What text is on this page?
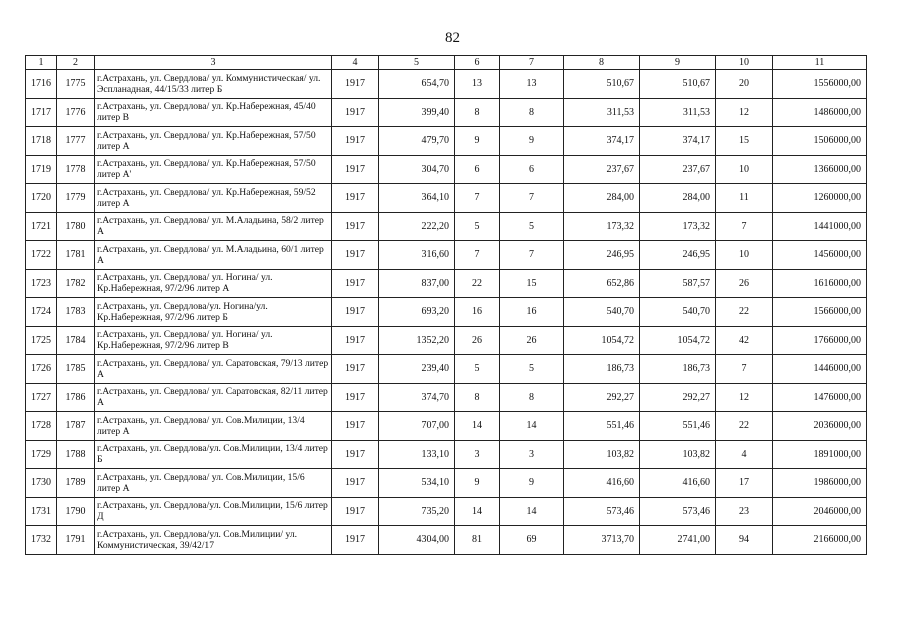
82
1	2	3	4	5	6	7	8	9	10	11
1716	1775	г.Астрахань, ул. Свердлова/ ул. Коммунистическая/ ул. Эспланадная, 44/15/33 литер Б	1917	654,70	13	13	510,67	510,67	20	1556000,00
1717	1776	г.Астрахань, ул. Свердлова/ ул. Кр.Набережная, 45/40 литер В	1917	399,40	8	8	311,53	311,53	12	1486000,00
1718	1777	г.Астрахань, ул. Свердлова/ ул. Кр.Набережная, 57/50 литер А	1917	479,70	9	9	374,17	374,17	15	1506000,00
1719	1778	г.Астрахань, ул. Свердлова/ ул. Кр.Набережная, 57/50 литер А'	1917	304,70	6	6	237,67	237,67	10	1366000,00
1720	1779	г.Астрахань, ул. Свердлова/ ул. Кр.Набережная, 59/52 литер А	1917	364,10	7	7	284,00	284,00	11	1260000,00
1721	1780	г.Астрахань, ул. Свердлова/ ул. М.Аладьина, 58/2 литер А	1917	222,20	5	5	173,32	173,32	7	1441000,00
1722	1781	г.Астрахань, ул. Свердлова/ ул. М.Аладьина, 60/1 литер А	1917	316,60	7	7	246,95	246,95	10	1456000,00
1723	1782	г.Астрахань, ул. Свердлова/ ул. Ногина/ ул. Кр.Набережная, 97/2/96 литер А	1917	837,00	22	15	652,86	587,57	26	1616000,00
1724	1783	г.Астрахань, ул. Свердлова/ул. Ногина/ул. Кр.Набережная, 97/2/96 литер Б	1917	693,20	16	16	540,70	540,70	22	1566000,00
1725	1784	г.Астрахань, ул. Свердлова/ ул. Ногина/ ул. Кр.Набережная, 97/2/96 литер В	1917	1352,20	26	26	1054,72	1054,72	42	1766000,00
1726	1785	г.Астрахань, ул. Свердлова/ ул. Саратовская, 79/13 литер А	1917	239,40	5	5	186,73	186,73	7	1446000,00
1727	1786	г.Астрахань, ул. Свердлова/ ул. Саратовская, 82/11 литер А	1917	374,70	8	8	292,27	292,27	12	1476000,00
1728	1787	г.Астрахань, ул. Свердлова/ ул. Сов.Милиции, 13/4 литер А	1917	707,00	14	14	551,46	551,46	22	2036000,00
1729	1788	г.Астрахань, ул. Свердлова/ул. Сов.Милиции, 13/4 литер Б	1917	133,10	3	3	103,82	103,82	4	1891000,00
1730	1789	г.Астрахань, ул. Свердлова/ ул. Сов.Милиции, 15/6 литер А	1917	534,10	9	9	416,60	416,60	17	1986000,00
1731	1790	г.Астрахань, ул. Свердлова/ул. Сов.Милиции, 15/6 литер Д	1917	735,20	14	14	573,46	573,46	23	2046000,00
1732	1791	г.Астрахань, ул. Свердлова/ул. Сов.Милиции/ ул. Коммунистическая, 39/42/17	1917	4304,00	81	69	3713,70	2741,00	94	2166000,00
